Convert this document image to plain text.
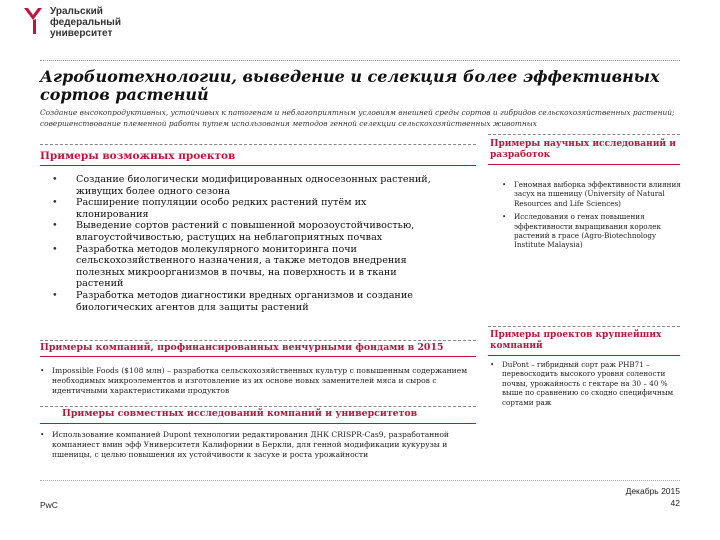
Уральский
федеральный
университет
Агробиотехнологии, выведение и селекция более эффективных сортов растений
Создание высокопродуктивных, устойчивых к патогенам и неблагоприятным условиям внешней среды сортов и гибридов сельскохозяйственных растений; совершенствование племенной работы путем использования методов генной селекции сельскохозяйственных животных
Примеры возможных проектов
• Создание биологически модифицированных односезонных растений, живущих более одного сезона
• Расширение популяции особо редких растений путём их клонирования
• Выведение сортов растений с повышенной морозоустойчивостью, влагоустойчивостью, растущих на неблагоприятных почвах
• Разработка методов молекулярного мониторинга почи сельскохозяйственного назначения, а также методов внедрения полезных микроорганизмов в почвы, на поверхность и в ткани растений
• Разработка методов диагностики вредных организмов и создание биологических агентов для защиты растений
Примеры научных исследований и разработок
• Геномная выборка эффективности влияния засух на пшеницу (University of Natural Resources and Life Sciences)
• Исследования о генах повышения эффективности выращивания королек растений в грасе (Agro-Biotechnology Institute Malaysia)
Примеры компаний, профинансированных венчурными фондами в 2015
• Impossible Foods ($108 млн) – разработка сельскохозяйственных культур с повышенным содержанием необходимых микроэлементов и изготовление из их основе новых заменителей мяса и сыров с идентичными характеристиками продуктов
Примеры совместных исследований компаний и университетов
• Использование компанией Dupont технологии редактирования ДНК CRISPR-Cas9, разработанной компаниест вмин эфф Университетя Калифорнии в Беркли, для генной модификации кукурузы и пшеницы, с целью повышения их устойчивости к засухе и роста урожайности
Примеры проектов крупнейших компаний
• DuPont – гибридный сорт раж PHB71 – перевосходить высокого уровня солености почвы, урожайность с гектаре на 30 – 40 % выше по сравнению со сходно специфичным сортами раж
PwC
Декабрь 2015
42
